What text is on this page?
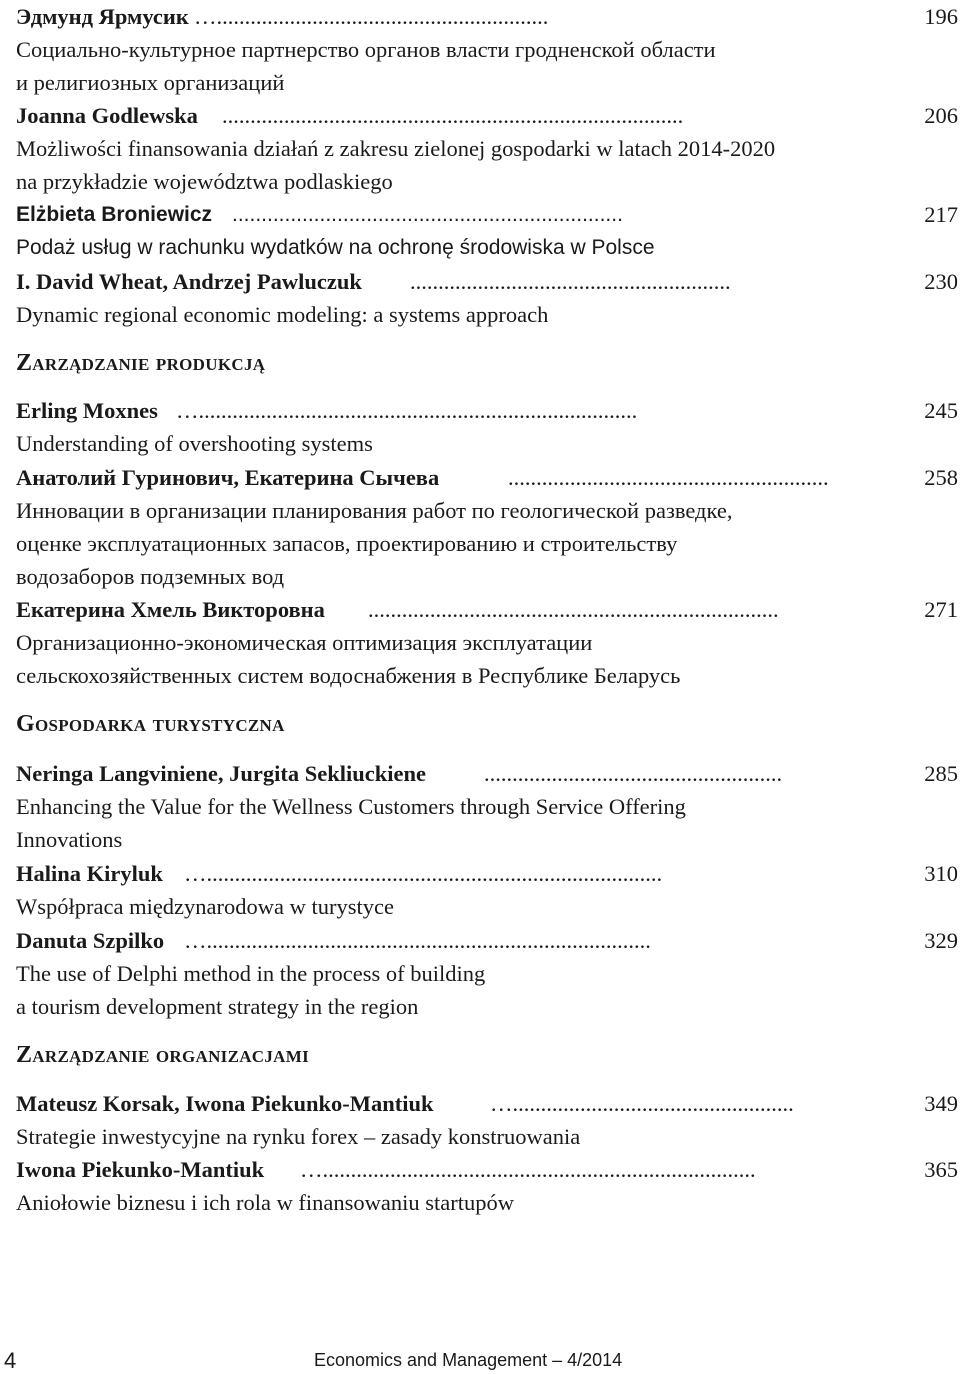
Эдмунд Ярмусик …...........................................................	196
Социально-культурное партнерство органов власти гродненской области
и религиозных организаций
Joanna Godlewska ..................................................................................	206
Możliwości finansowania działań z zakresu zielonej gospodarki w latach 2014-2020
na przykładzie województwa podlaskiego
Elżbieta Broniewicz ...................................................................	217
Podaż usług w rachunku wydatków na ochronę środowiska w Polsce
I. David Wheat, Andrzej Pawluczuk .........................................................	230
Dynamic regional economic modeling: a systems approach
Zarządzanie produkcją
Erling Moxnes …..............................................................................	245
Understanding of overshooting systems
Анатолий Гуринович, Екатерина Сычева	.........................................................	258
Инновации в организации планирования работ по геологической разведке,
оценке эксплуатационных запасов, проектированию и строительству
водозаборов подземных вод
Екатерина Хмель Викторовна .........................................................................	271
Организационно-экономическая оптимизация эксплуатации
сельскохозяйственных систем водоснабжения в Республике Беларусь
Gospodarka turystyczna
Neringa Langviniene, Jurgita Sekliuckiene	.....................................................	285
Enhancing the Value for the Wellness Customers through Service Offering
Innovations
Halina Kiryluk ….................................................................................	310
Współpraca międzynarodowa w turystyce
Danuta Szpilko …...............................................................................	329
The use of Delphi method in the process of building
a tourism development strategy in the region
Zarządzanie organizacjami
Mateusz Korsak, Iwona Piekunko-Mantiuk	…..................................................	349
Strategie inwestycyjne na rynku forex – zasady konstruowania
Iwona Piekunko-Mantiuk ….............................................................................	365
Aniołowie biznesu i ich rola w finansowaniu startupów
4	Economics and Management – 4/2014
